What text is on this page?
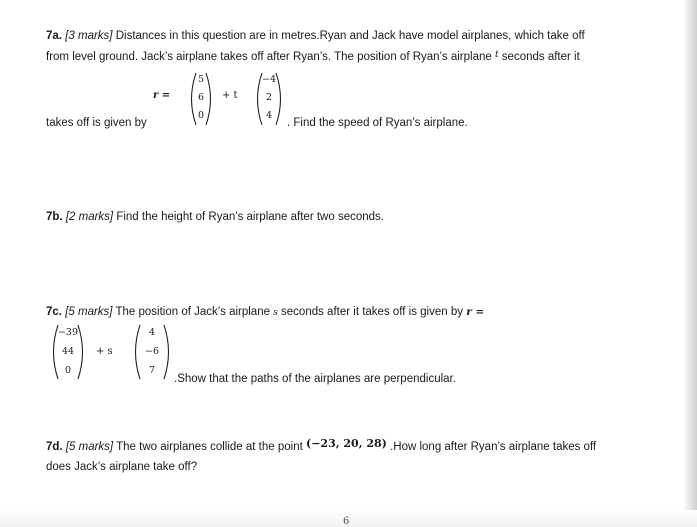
7a. [3 marks] Distances in this question are in metres.Ryan and Jack have model airplanes, which take off
from level ground. Jack’s airplane takes off after Ryan’s. The position of Ryan’s airplane $^t$ seconds after it
r =
5
6
0
+ t
−4
2
4
takes off is given by	. Find the speed of Ryan’s airplane.
7b. [2 marks] Find the height of Ryan’s airplane after two seconds.
7c. [5 marks] The position of Jack’s airplane s seconds after it takes off is given by r =
−39
44
0
+ s
4
−6
7
.Show that the paths of the airplanes are perpendicular.
7d. [5 marks] The two airplanes collide at the point (−23, 20, 28) .How long after Ryan’s airplane takes off
does Jack’s airplane take off?
6
